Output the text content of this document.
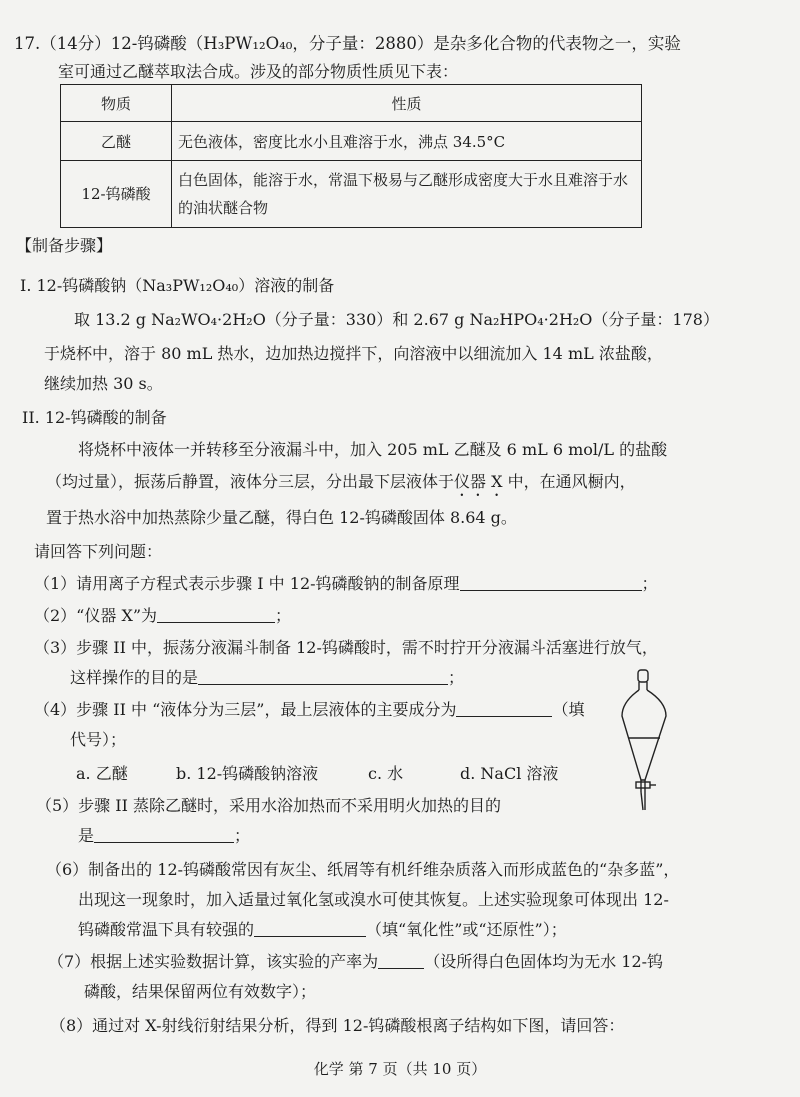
17.（14分）12-钨磷酸（H₃PW₁₂O₄₀，分子量：2880）是杂多化合物的代表物之一，实验
室可通过乙醚萃取法合成。涉及的部分物质性质见下表：
物质	性质
乙醚	无色液体，密度比水小且难溶于水，沸点 34.5°C
12-钨磷酸	白色固体，能溶于水，常温下极易与乙醚形成密度大于水且难溶于水
的油状醚合物
【制备步骤】
I. 12-钨磷酸钠（Na₃PW₁₂O₄₀）溶液的制备
取 13.2 g Na₂WO₄·2H₂O（分子量：330）和 2.67 g Na₂HPO₄·2H₂O（分子量：178）
于烧杯中，溶于 80 mL 热水，边加热边搅拌下，向溶液中以细流加入 14 mL 浓盐酸，
继续加热 30 s。
II. 12-钨磷酸的制备
将烧杯中液体一并转移至分液漏斗中，加入 205 mL 乙醚及 6 mL 6 mol/L 的盐酸
（均过量），振荡后静置，液体分三层，分出最下层液体于仪器 X 中，在通风橱内，
置于热水浴中加热蒸除少量乙醚，得白色 12-钨磷酸固体 8.64 g。
请回答下列问题：
（1）请用离子方程式表示步骤 I 中 12-钨磷酸钠的制备原理	；
（2）“仪器 X”为	；
（3）步骤 II 中，振荡分液漏斗制备 12-钨磷酸时，需不时拧开分液漏斗活塞进行放气，
这样操作的目的是	；
（4）步骤 II 中 “液体分为三层”，最上层液体的主要成分为	（填
代号）；
a. 乙醚	b. 12-钨磷酸钠溶液	c. 水	d. NaCl 溶液
（5）步骤 II 蒸除乙醚时，采用水浴加热而不采用明火加热的目的
是	；
（6）制备出的 12-钨磷酸常因有灰尘、纸屑等有机纤维杂质落入而形成蓝色的“杂多蓝”，
出现这一现象时，加入适量过氧化氢或溴水可使其恢复。上述实验现象可体现出 12-
钨磷酸常温下具有较强的	（填“氧化性”或“还原性”）；
（7）根据上述实验数据计算，该实验的产率为	（设所得白色固体均为无水 12-钨
磷酸，结果保留两位有效数字）；
（8）通过对 X-射线衍射结果分析，得到 12-钨磷酸根离子结构如下图，请回答：
化学 第 7 页（共 10 页）
